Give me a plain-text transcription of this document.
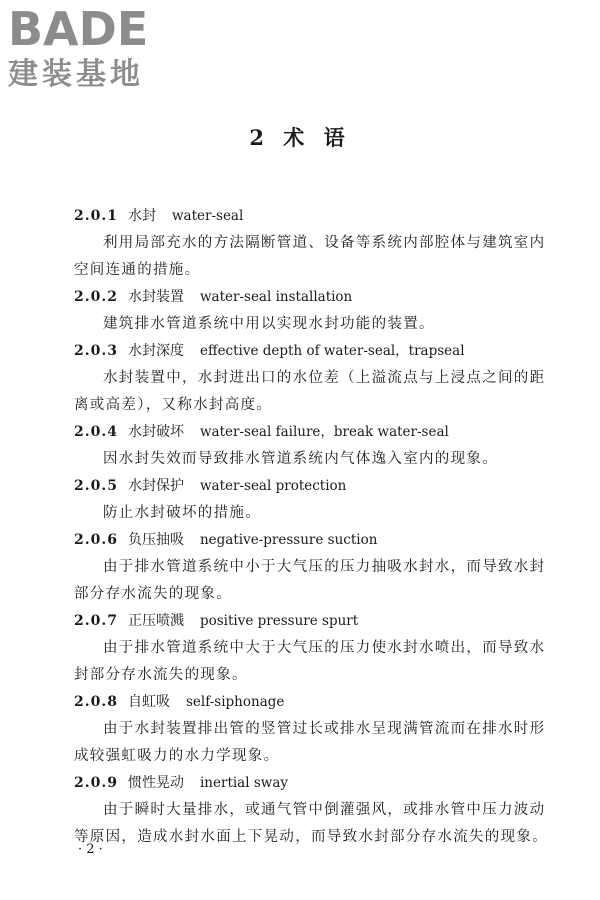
BADE
建装基地
2 术 语
2.0.1 水封 water-seal

利用局部充水的方法隔断管道、设备等系统内部腔体与建筑室内空间连通的措施。

2.0.2 水封装置 water-seal installation

建筑排水管道系统中用以实现水封功能的装置。

2.0.3 水封深度 effective depth of water-seal，trapseal

水封装置中，水封进出口的水位差（上溢流点与上浸点之间的距离或高差），又称水封高度。

2.0.4 水封破坏 water-seal failure，break water-seal

因水封失效而导致排水管道系统内气体逸入室内的现象。

2.0.5 水封保护 water-seal protection

防止水封破坏的措施。

2.0.6 负压抽吸 negative-pressure suction

由于排水管道系统中小于大气压的压力抽吸水封水，而导致水封部分存水流失的现象。

2.0.7 正压喷溅 positive pressure spurt

由于排水管道系统中大于大气压的压力使水封水喷出，而导致水封部分存水流失的现象。

2.0.8 自虹吸 self-siphonage

由于水封装置排出管的竖管过长或排水呈现满管流而在排水时形成较强虹吸力的水力学现象。

2.0.9 惯性晃动 inertial sway

由于瞬时大量排水，或通气管中倒灌强风，或排水管中压力波动等原因，造成水封水面上下晃动，而导致水封部分存水流失的现象。

· 2 ·
